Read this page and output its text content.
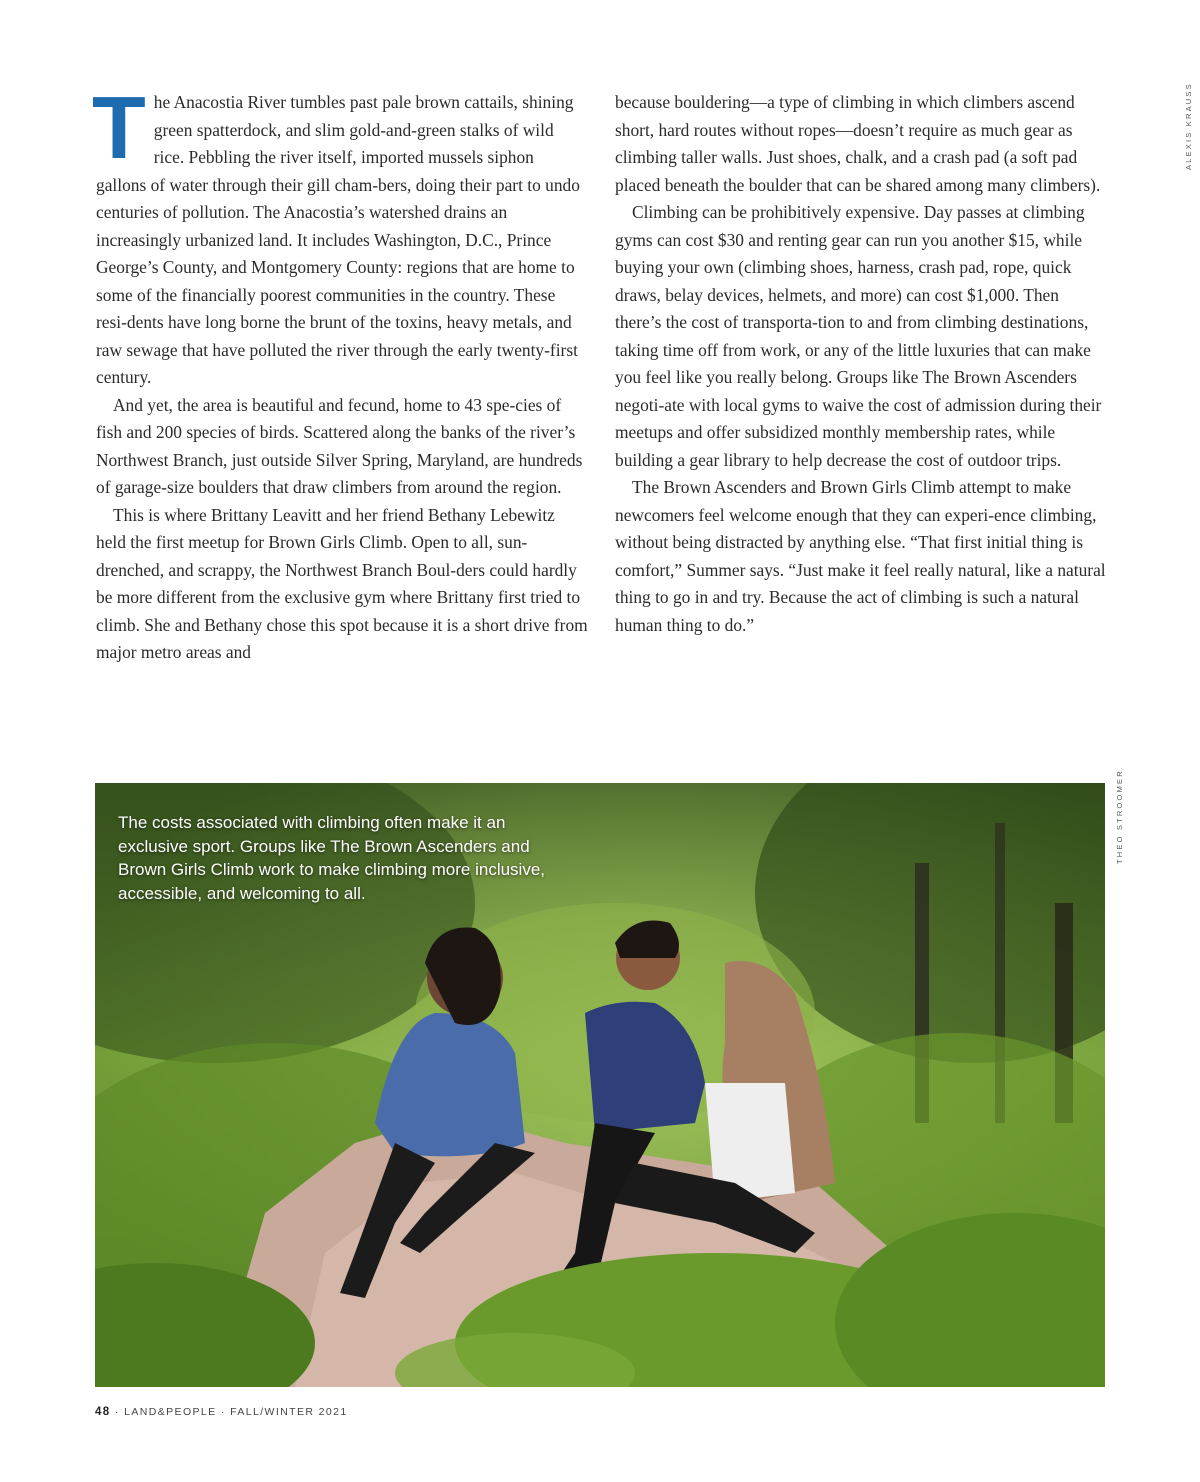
The Anacostia River tumbles past pale brown cattails, shining green spatterdock, and slim gold-and-green stalks of wild rice. Pebbling the river itself, imported mussels siphon gallons of water through their gill cham-bers, doing their part to undo centuries of pollution. The Anacostia’s watershed drains an increasingly urbanized land. It includes Washington, D.C., Prince George’s County, and Montgomery County: regions that are home to some of the financially poorest communities in the country. These resi-dents have long borne the brunt of the toxins, heavy metals, and raw sewage that have polluted the river through the early twenty-first century.

And yet, the area is beautiful and fecund, home to 43 spe-cies of fish and 200 species of birds. Scattered along the banks of the river’s Northwest Branch, just outside Silver Spring, Maryland, are hundreds of garage-size boulders that draw climbers from around the region.

This is where Brittany Leavitt and her friend Bethany Lebewitz held the first meetup for Brown Girls Climb. Open to all, sun-drenched, and scrappy, the Northwest Branch Boul-ders could hardly be more different from the exclusive gym where Brittany first tried to climb. She and Bethany chose this spot because it is a short drive from major metro areas and

because bouldering—a type of climbing in which climbers ascend short, hard routes without ropes—doesn’t require as much gear as climbing taller walls. Just shoes, chalk, and a crash pad (a soft pad placed beneath the boulder that can be shared among many climbers).

Climbing can be prohibitively expensive. Day passes at climbing gyms can cost $30 and renting gear can run you another $15, while buying your own (climbing shoes, harness, crash pad, rope, quick draws, belay devices, helmets, and more) can cost $1,000. Then there’s the cost of transporta-tion to and from climbing destinations, taking time off from work, or any of the little luxuries that can make you feel like you really belong. Groups like The Brown Ascenders negoti-ate with local gyms to waive the cost of admission during their meetups and offer subsidized monthly membership rates, while building a gear library to help decrease the cost of outdoor trips.

The Brown Ascenders and Brown Girls Climb attempt to make newcomers feel welcome enough that they can experi-ence climbing, without being distracted by anything else. “That first initial thing is comfort,” Summer says. “Just make it feel really natural, like a natural thing to go in and try. Because the act of climbing is such a natural human thing to do.”

ALEXIS KRAUSS
THEO STROOMER
The costs associated with climbing often make it an exclusive sport. Groups like The Brown Ascenders and Brown Girls Climb work to make climbing more inclusive, accessible, and welcoming to all.
48 · LAND&PEOPLE · FALL/WINTER 2021
